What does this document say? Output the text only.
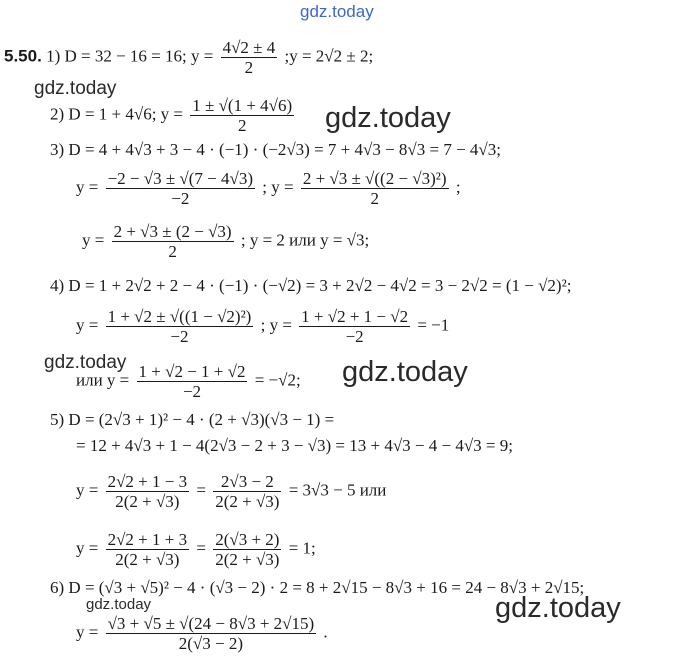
gdz.today
5.50. 1) D = 32 − 16 = 16; $y = \frac{4√2 \pm 4}{2}$ ;y = 2√2 ± 2;
gdz.today
2) D = 1 + 4√6; $y = \frac{1 \pm √(1 + 4√6)}{2}$ gdz.today
3) D = 4 + 4√3 + 3 − 4 · (−1) · (−2√3) = 7 + 4√3 − 8√3 = 7 − 4√3;
$y = \frac{-2 - √3 \pm √(7 - 4√3)}{-2}$ ; $y = \frac{\text{2 + √3 ± √((2 − √3)²)}}{2}$ ;
$y = \frac{2 + √3 \pm (2 - √3)}{2}$ ; y = 2 или y = √3;
4) D = 1 + 2√2 + 2 − 4 · (−1) · (−√2) = 3 + 2√2 − 4√2 = 3 − 2√2 = (1 − √2)²;
$y = \frac{\text{1 + √2 ± √((1 − √2)²)}}{-2}$ ; $y = \frac{1 + √2 + 1 - √2}{-2} = -1$
gdz.today
или $y = \frac{1 + √2 - 1 + √2}{-2} = -√2$; gdz.today
5) D = (2√3 + 1)² − 4 · (2 + √3)(√3 − 1) =
= 12 + 4√3 + 1 − 4(2√3 − 2 + 3 − √3) = 13 + 4√3 − 4 − 4√3 = 9;
$y = \frac{2√2 + 1 - 3}{2(2 + √3)} = \frac{2√3 - 2}{2(2 + √3)} = 3√3 - 5$ или
$y = \frac{2√2 + 1 + 3}{2(2 + √3)} = \frac{2(√3 + 2)}{2(2 + √3)} = 1$;
6) D = (√3 + √5)² − 4 · (√3 − 2) · 2 = 8 + 2√15 − 8√3 + 16 = 24 − 8√3 + 2√15;
gdz.today	gdz.today
$y = \frac{√3 + √5 \pm √(24 - 8√3 + 2√15)}{2(√3 - 2)}$ .
